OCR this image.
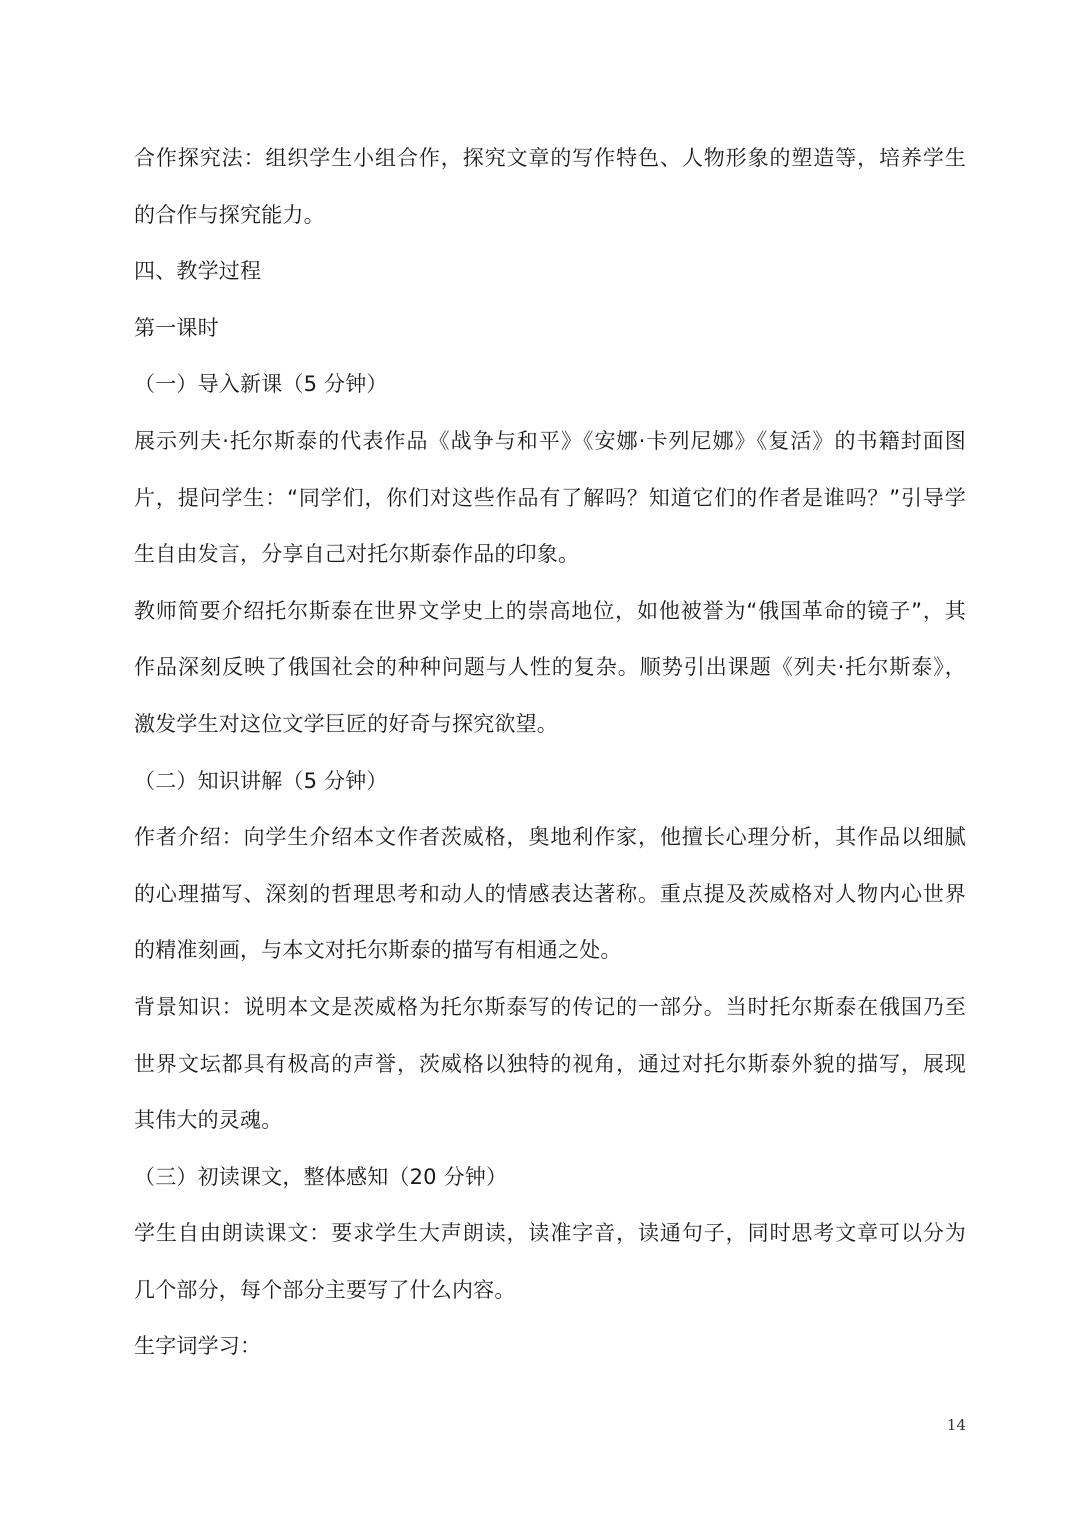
合作探究法：组织学生小组合作，探究文章的写作特色、人物形象的塑造等，培养学生
的合作与探究能力。
四、教学过程
第一课时
（一）导入新课（5 分钟）
展示列夫·托尔斯泰的代表作品《战争与和平》《安娜·卡列尼娜》《复活》的书籍封面图
片，提问学生：“同学们，你们对这些作品有了解吗？知道它们的作者是谁吗？”引导学
生自由发言，分享自己对托尔斯泰作品的印象。
教师简要介绍托尔斯泰在世界文学史上的崇高地位，如他被誉为“俄国革命的镜子”，其
作品深刻反映了俄国社会的种种问题与人性的复杂。顺势引出课题《列夫·托尔斯泰》，
激发学生对这位文学巨匠的好奇与探究欲望。
（二）知识讲解（5 分钟）
作者介绍：向学生介绍本文作者茨威格，奥地利作家，他擅长心理分析，其作品以细腻
的心理描写、深刻的哲理思考和动人的情感表达著称。重点提及茨威格对人物内心世界
的精准刻画，与本文对托尔斯泰的描写有相通之处。
背景知识：说明本文是茨威格为托尔斯泰写的传记的一部分。当时托尔斯泰在俄国乃至
世界文坛都具有极高的声誉，茨威格以独特的视角，通过对托尔斯泰外貌的描写，展现
其伟大的灵魂。
（三）初读课文，整体感知（20 分钟）
学生自由朗读课文：要求学生大声朗读，读准字音，读通句子，同时思考文章可以分为
几个部分，每个部分主要写了什么内容。
生字词学习：
14
